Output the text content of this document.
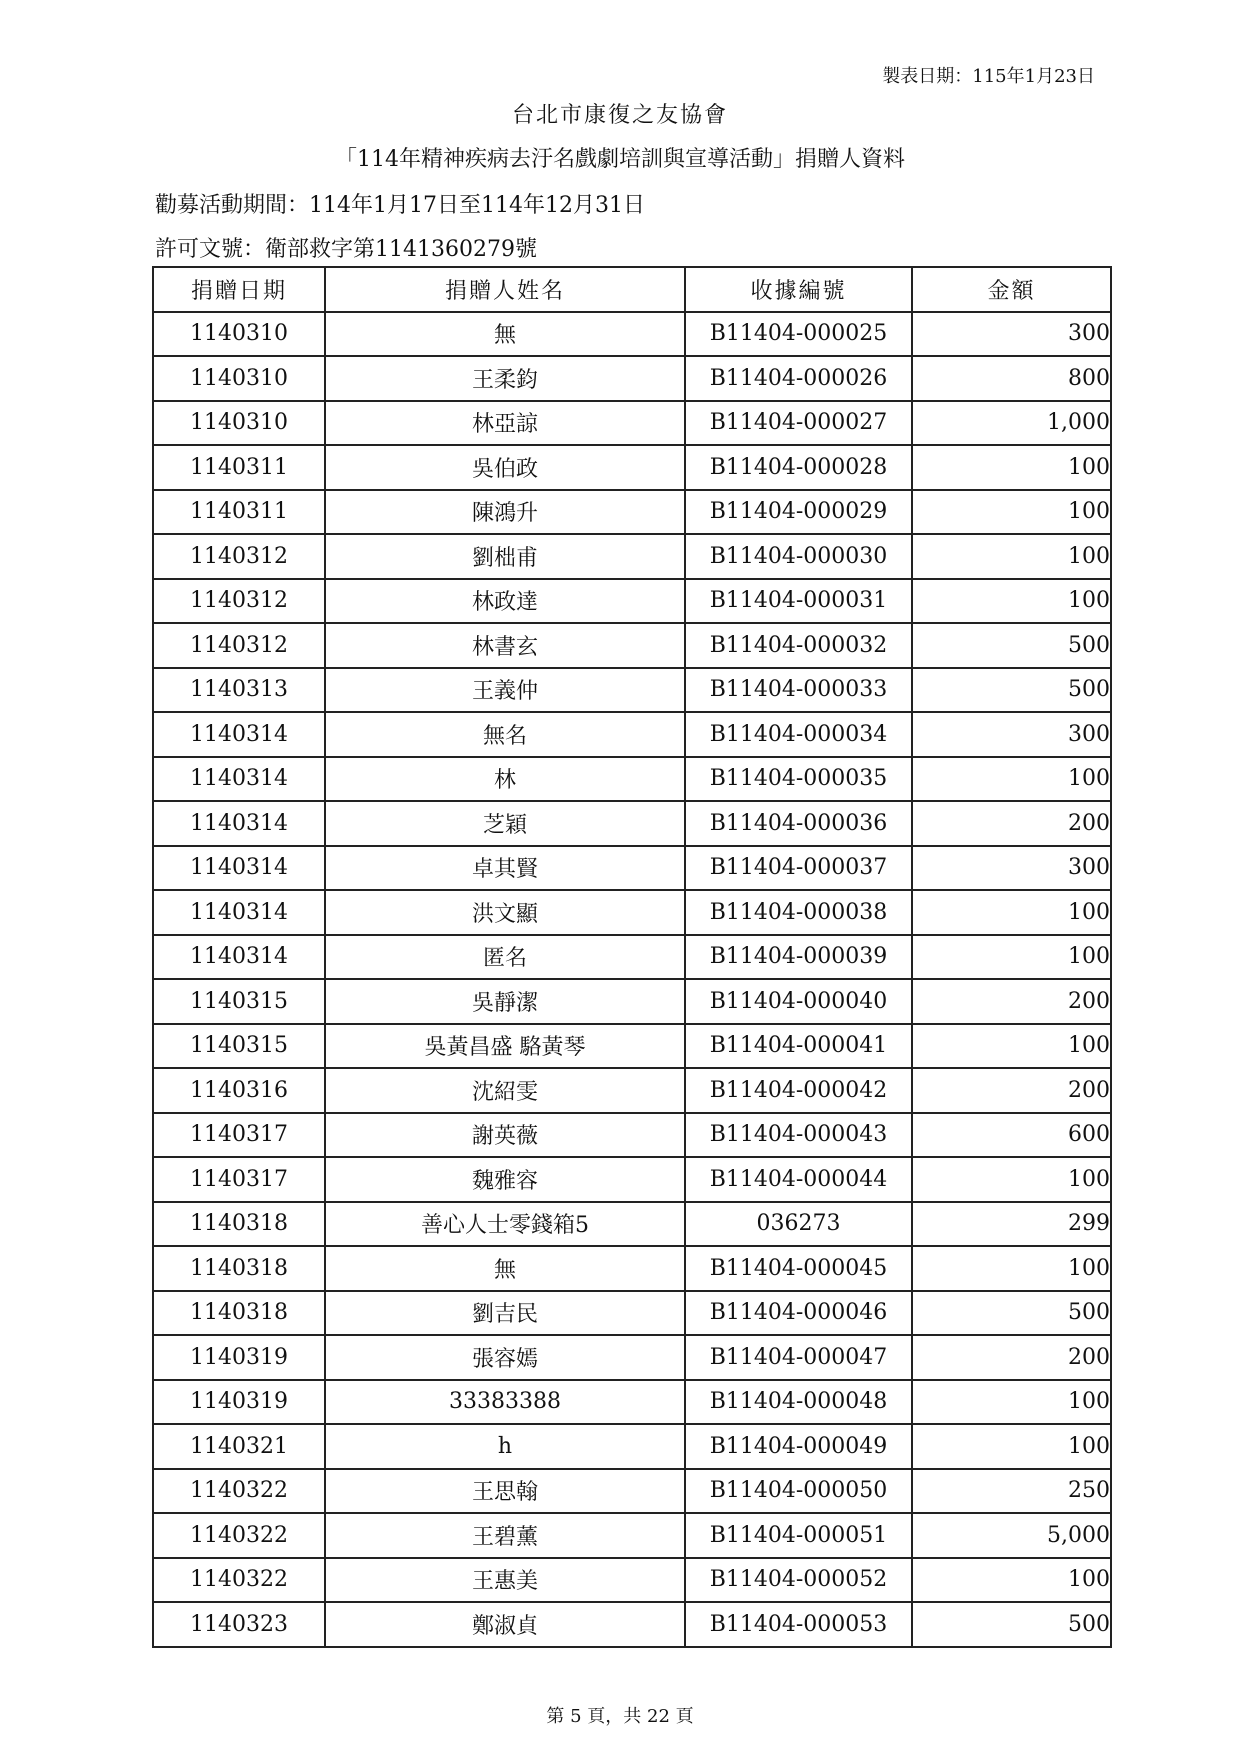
製表日期：115年1月23日
台北市康復之友協會
「114年精神疾病去汙名戲劇培訓與宣導活動」捐贈人資料
勸募活動期間：114年1月17日至114年12月31日
許可文號：衛部救字第1141360279號
捐贈日期	捐贈人姓名	收據編號	金額
1140310	無	B11404-000025	300
1140310	王柔鈞	B11404-000026	800
1140310	林亞諒	B11404-000027	1,000
1140311	吳伯政	B11404-000028	100
1140311	陳鴻升	B11404-000029	100
1140312	劉柮甫	B11404-000030	100
1140312	林政達	B11404-000031	100
1140312	林書玄	B11404-000032	500
1140313	王義仲	B11404-000033	500
1140314	無名	B11404-000034	300
1140314	林	B11404-000035	100
1140314	芝穎	B11404-000036	200
1140314	卓其賢	B11404-000037	300
1140314	洪文顯	B11404-000038	100
1140314	匿名	B11404-000039	100
1140315	吳靜潔	B11404-000040	200
1140315	吳黃昌盛 駱黃琴	B11404-000041	100
1140316	沈紹雯	B11404-000042	200
1140317	謝英薇	B11404-000043	600
1140317	魏雅容	B11404-000044	100
1140318	善心人士零錢箱5	036273	299
1140318	無	B11404-000045	100
1140318	劉吉民	B11404-000046	500
1140319	張容嫣	B11404-000047	200
1140319	33383388	B11404-000048	100
1140321	h	B11404-000049	100
1140322	王思翰	B11404-000050	250
1140322	王碧薰	B11404-000051	5,000
1140322	王惠美	B11404-000052	100
1140323	鄭淑貞	B11404-000053	500
第 5 頁，共 22 頁
